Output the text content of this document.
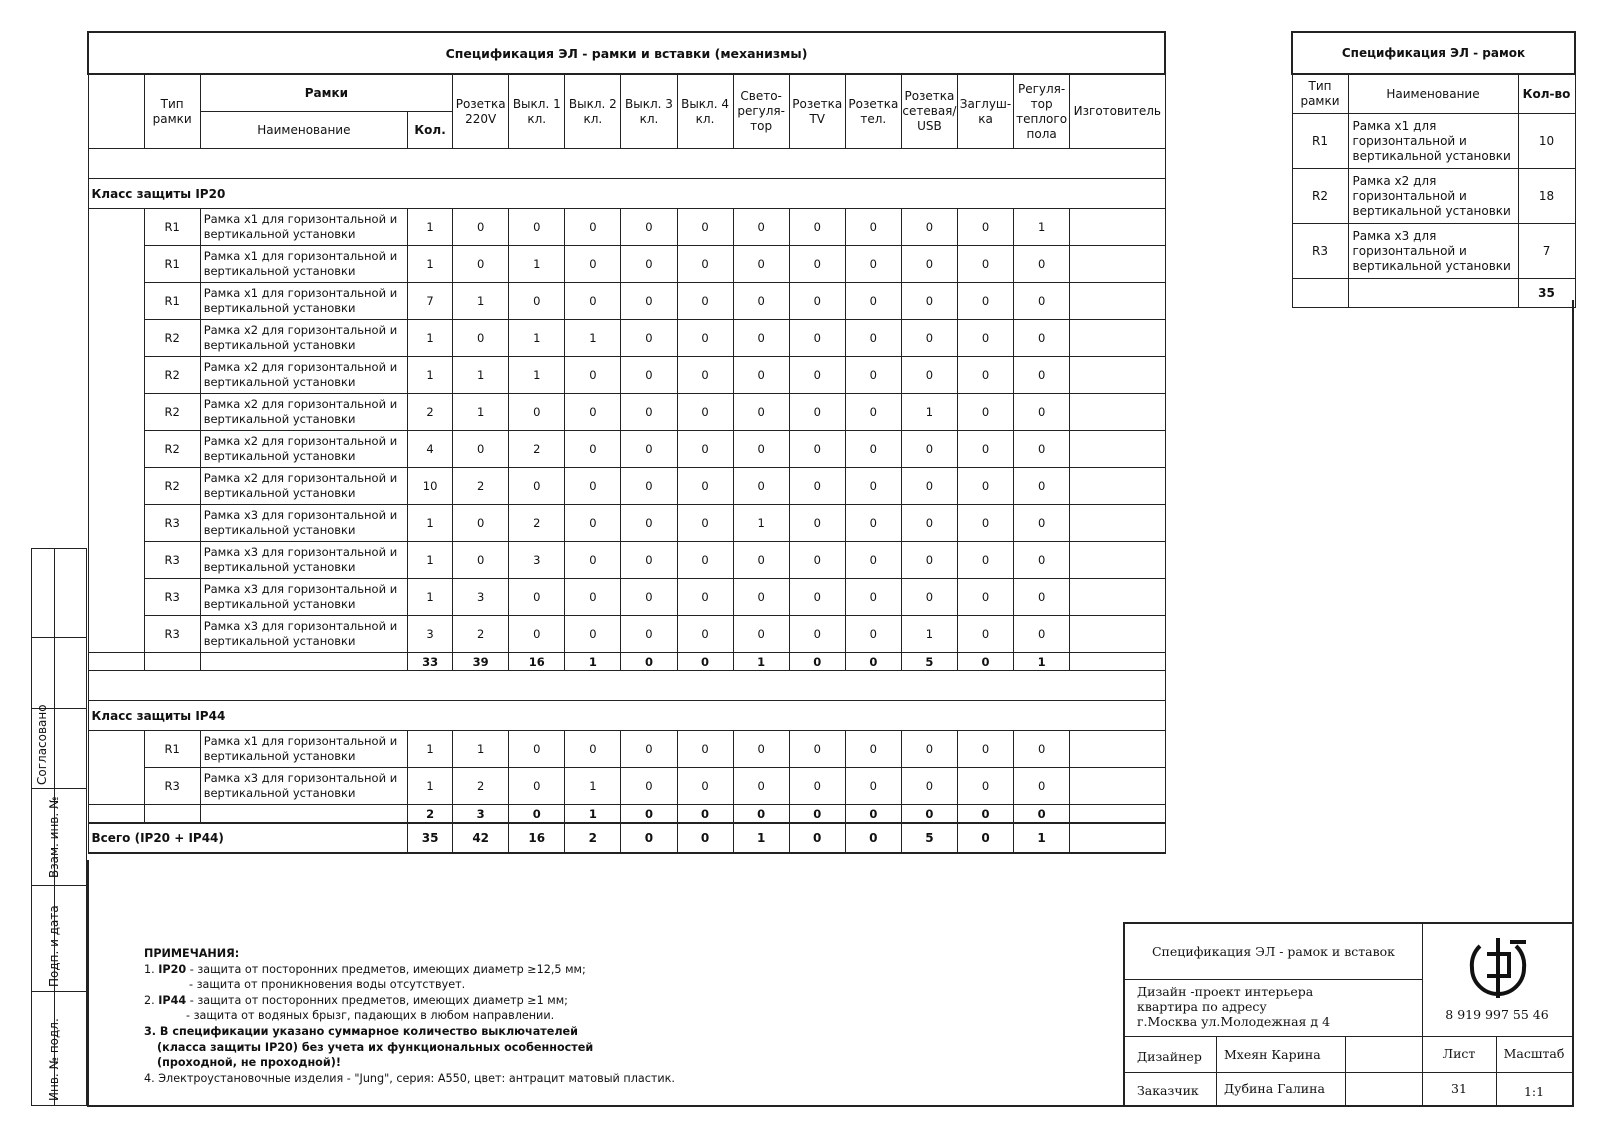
Спецификация ЭЛ - рамки и вставки (механизмы)															
	Тип рамки	Рамки		Розетка 220V	Выкл. 1 кл.	Выкл. 2 кл.	Выкл. 3 кл.	Выкл. 4 кл.	Свето- регуля- тор	Розетка TV	Розетка тел.	Розетка сетевая/ USB	Заглуш- ка	Регуля- тор теплого пола	Изготовитель
		Наименование	Кол.												

Класс защиты IP20															
	R1	Рамка х1 для горизонтальной и вертикальной установки	1	0	0	0	0	0	0	0	0	0	0	1	
	R1	Рамка х1 для горизонтальной и вертикальной установки	1	0	1	0	0	0	0	0	0	0	0	0	
	R1	Рамка х1 для горизонтальной и вертикальной установки	7	1	0	0	0	0	0	0	0	0	0	0	
	R2	Рамка х2 для горизонтальной и вертикальной установки	1	0	1	1	0	0	0	0	0	0	0	0	
	R2	Рамка х2 для горизонтальной и вертикальной установки	1	1	1	0	0	0	0	0	0	0	0	0	
	R2	Рамка х2 для горизонтальной и вертикальной установки	2	1	0	0	0	0	0	0	0	1	0	0	
	R2	Рамка х2 для горизонтальной и вертикальной установки	4	0	2	0	0	0	0	0	0	0	0	0	
	R2	Рамка х2 для горизонтальной и вертикальной установки	10	2	0	0	0	0	0	0	0	0	0	0	
	R3	Рамка х3 для горизонтальной и вертикальной установки	1	0	2	0	0	0	1	0	0	0	0	0	
	R3	Рамка х3 для горизонтальной и вертикальной установки	1	0	3	0	0	0	0	0	0	0	0	0	
	R3	Рамка х3 для горизонтальной и вертикальной установки	1	3	0	0	0	0	0	0	0	0	0	0	
	R3	Рамка х3 для горизонтальной и вертикальной установки	3	2	0	0	0	0	0	0	0	1	0	0	
			33	39	16	1	0	0	1	0	0	5	0	1	

Класс защиты IP44															
	R1	Рамка х1 для горизонтальной и вертикальной установки	1	1	0	0	0	0	0	0	0	0	0	0	
	R3	Рамка х3 для горизонтальной и вертикальной установки	1	2	0	1	0	0	0	0	0	0	0	0	
			2	3	0	1	0	0	0	0	0	0	0	0	
Всего (IP20 + IP44)			35	42	16	2	0	0	1	0	0	5	0	1	
Спецификация ЭЛ - рамок		
Тип рамки	Наименование	Кол-во
R1	Рамка х1 для горизонтальной и вертикальной установки	10
R2	Рамка х2 для горизонтальной и вертикальной установки	18
R3	Рамка х3 для горизонтальной и вертикальной установки	7
		35
Согласовано
Взам. инв. №
Подп. и дата
Инв. № подл.
ПРИМЕЧАНИЯ:
1. IP20 - защита от посторонних предметов, имеющих диаметр ≥12,5 мм;
- защита от проникновения воды отсутствует.
2. IP44 - защита от посторонних предметов, имеющих диаметр ≥1 мм;
- защита от водяных брызг, падающих в любом направлении.
3. В спецификации указано суммарное количество выключателей
(класса защиты IP20) без учета их функциональных особенностей
(проходной, не проходной)!
4. Электроустановочные изделия - "Jung", серия: А550, цвет: антрацит матовый пластик.
Спецификация ЭЛ - рамок и вставок
Дизайн -проект интерьера
квартира по адресу
г.Москва ул.Молодежная д 4	8 919 997 55 46
Дизайнер	Мхеян Карина
Заказчик	Дубина Галина
Лист	Масштаб
31	1:1
